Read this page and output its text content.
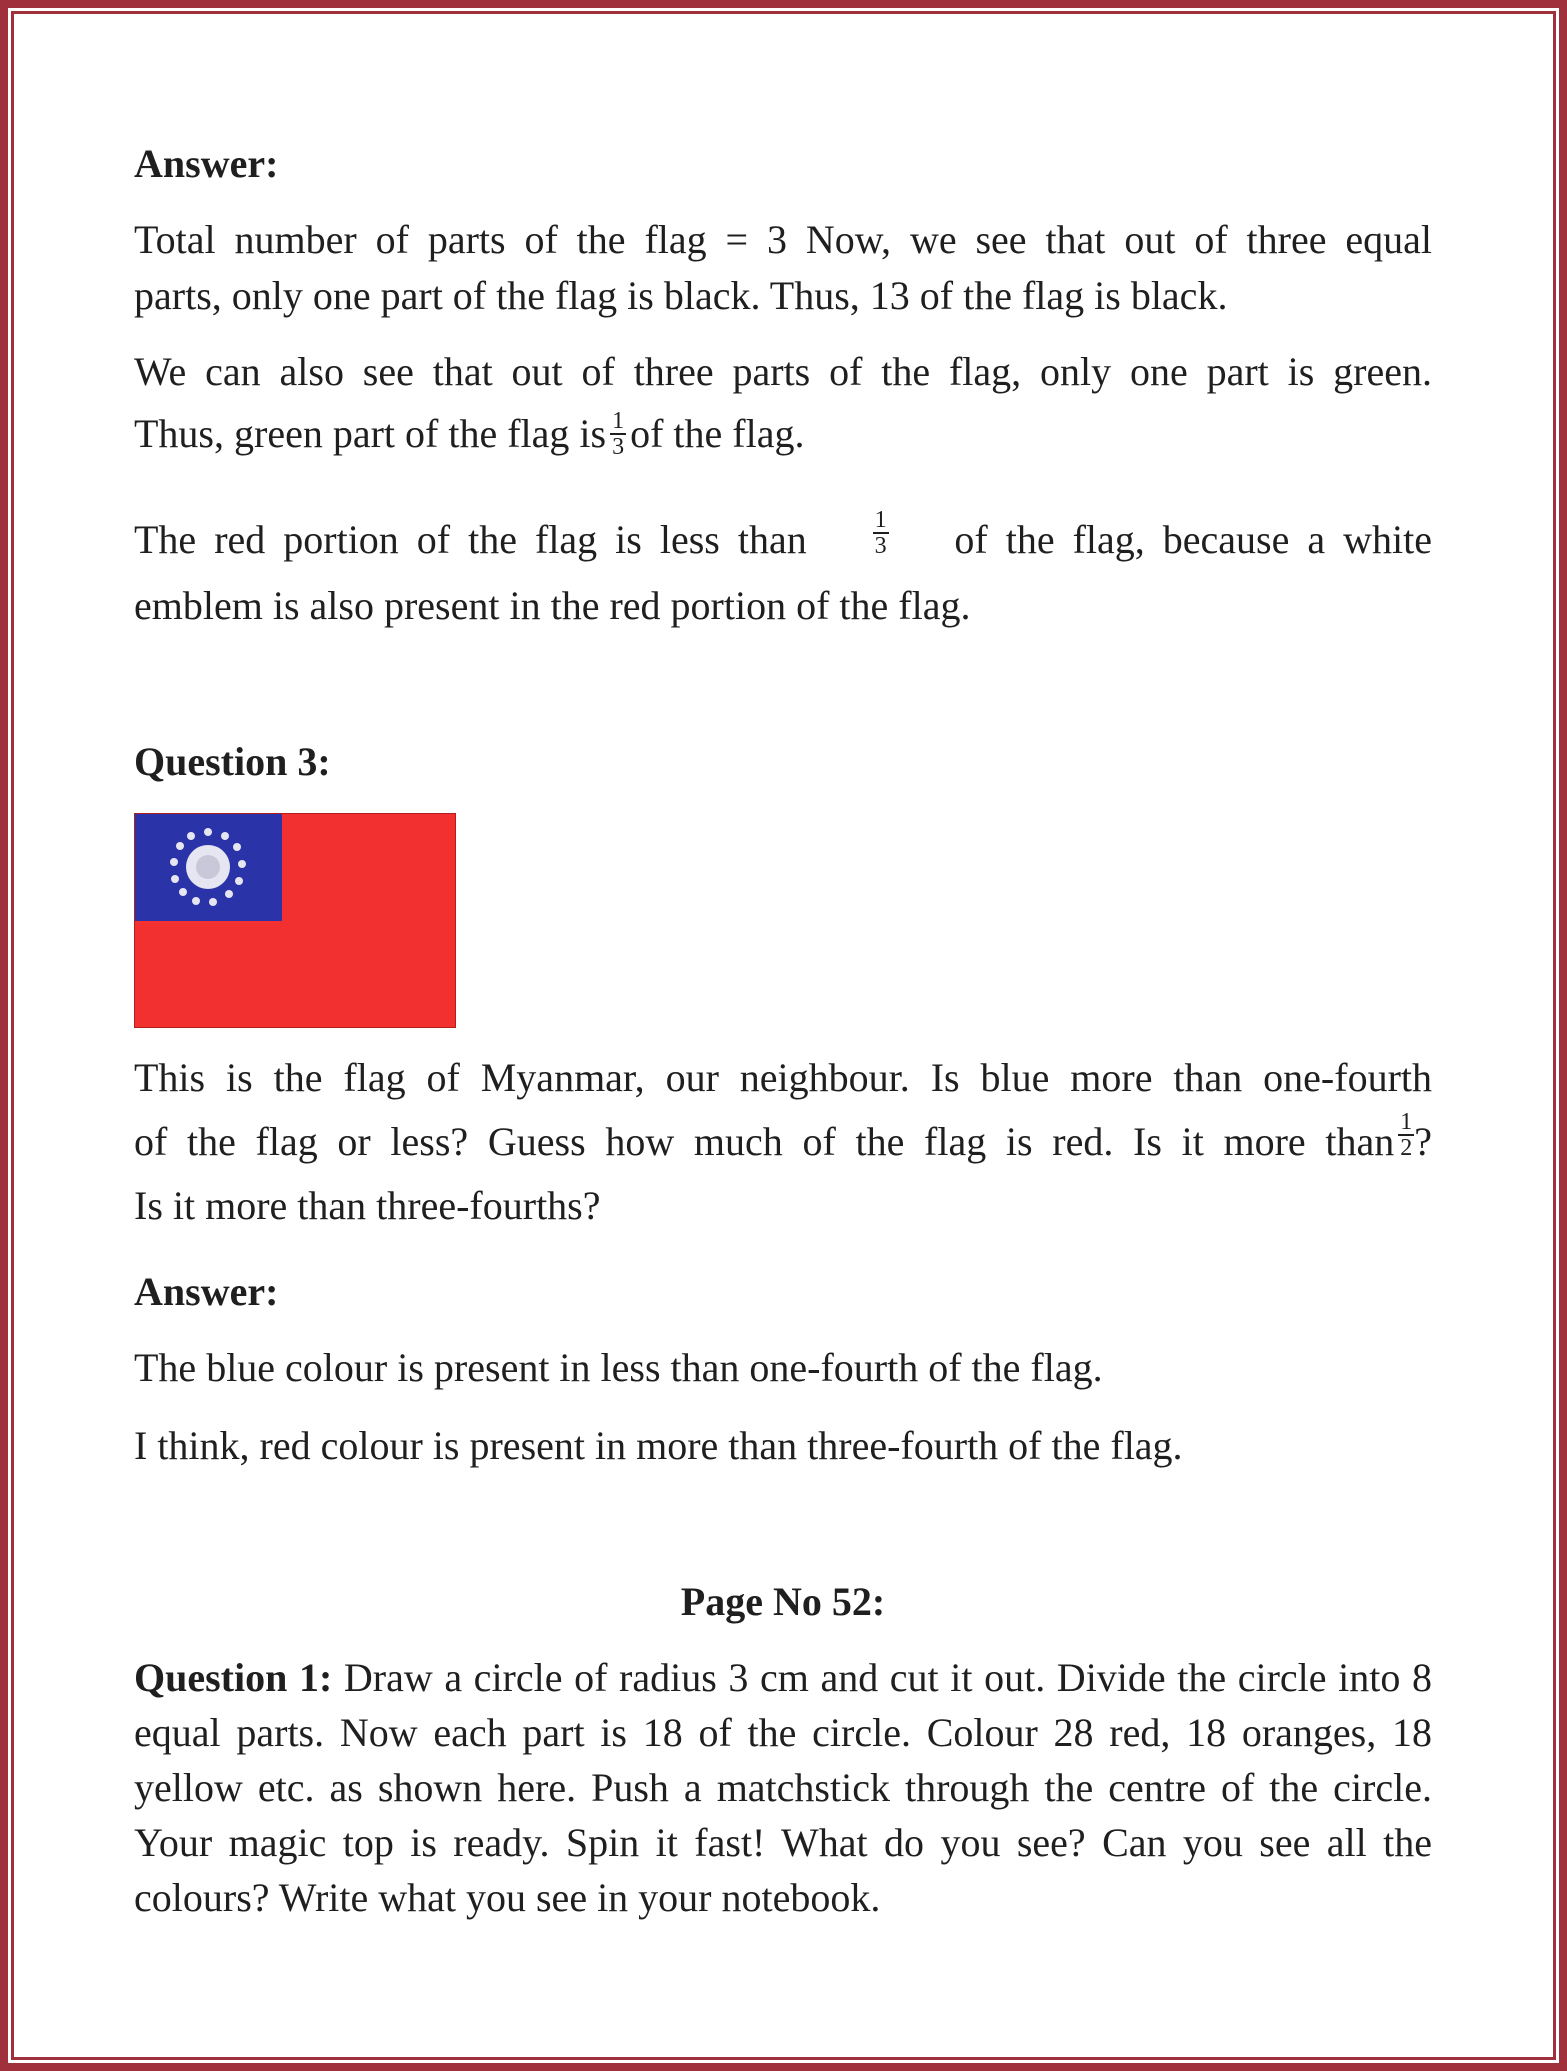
Answer:
Total number of parts of the flag = 3 Now, we see that out of three equal
parts, only one part of the flag is black. Thus, 13 of the flag is black.
We can also see that out of three parts of the flag, only one part is green.
Thus, green part of the flag is $\frac{1}{3}$ of the flag.
The red portion of the flag is less than	$\frac{1}{3}$ of the flag, because a white
emblem is also present in the red portion of the flag.
Question 3:
This is the flag of Myanmar, our neighbour. Is blue more than one-fourth
of the flag or less? Guess how much of the flag is red. Is it more than $\frac{1}{2}$ ?
Is it more than three-fourths?
Answer:
The blue colour is present in less than one-fourth of the flag.
I think, red colour is present in more than three-fourth of the flag.
Page No 52:
Question 1: Draw a circle of radius 3 cm and cut it out. Divide the circle into 8 equal parts. Now each part is 18 of the circle. Colour 28 red, 18 oranges, 18 yellow etc. as shown here. Push a matchstick through the centre of the circle. Your magic top is ready. Spin it fast! What do you see? Can you see all the colours? Write what you see in your notebook.
